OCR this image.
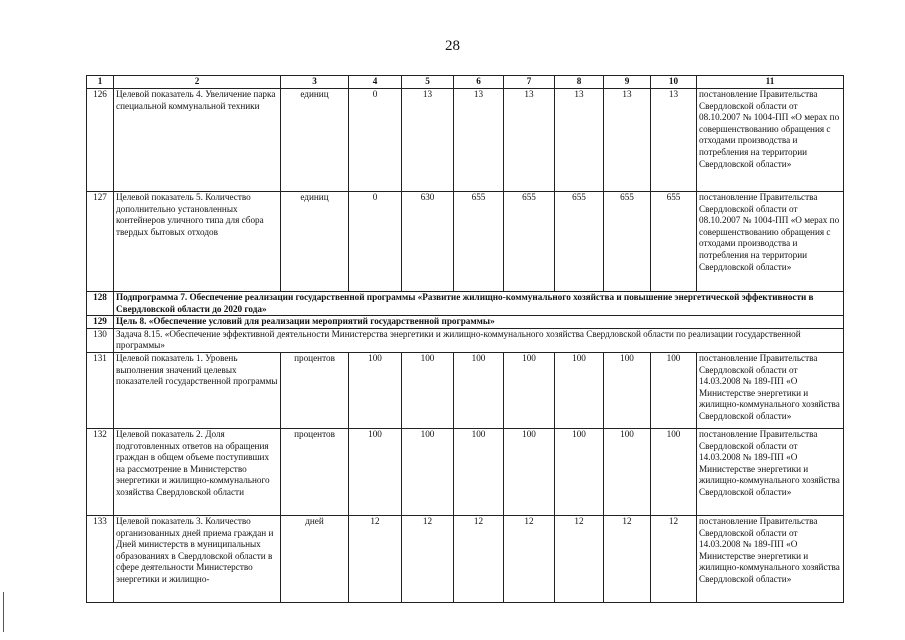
28
1	2	3	4	5	6	7	8	9	10	11
126	Целевой показатель 4. Увеличение парка специальной коммунальной техники	единиц	0	13	13	13	13	13	13	постановление Правительства Свердловской области от 08.10.2007 № 1004-ПП «О мерах по совершенствованию обращения с отходами производства и потребления на территории Свердловской области»
127	Целевой показатель 5. Количество дополнительно установленных контейнеров уличного типа для сбора твердых бытовых отходов	единиц	0	630	655	655	655	655	655	постановление Правительства Свердловской области от 08.10.2007 № 1004-ПП «О мерах по совершенствованию обращения с отходами производства и потребления на территории Свердловской области»
128	Подпрограмма 7. Обеспечение реализации государственной программы «Развитие жилищно-коммунального хозяйства и повышение энергетической эффективности в Свердловской области до 2020 года»									
129	Цель 8. «Обеспечение условий для реализации мероприятий государственной программы»									
130	Задача 8.15. «Обеспечение эффективной деятельности Министерства энергетики и жилищно-коммунального хозяйства Свердловской области по реализации государственной программы»									
131	Целевой показатель 1. Уровень выполнения значений целевых показателей государственной программы	процентов	100	100	100	100	100	100	100	постановление Правительства Свердловской области от 14.03.2008 № 189-ПП «О Министерстве энергетики и жилищно-коммунального хозяйства Свердловской области»
132	Целевой показатель 2. Доля подготовленных ответов на обращения граждан в общем объеме поступивших на рассмотрение в Министерство энергетики и жилищно-коммунального хозяйства Свердловской области	процентов	100	100	100	100	100	100	100	постановление Правительства Свердловской области от 14.03.2008 № 189-ПП «О Министерстве энергетики и жилищно-коммунального хозяйства Свердловской области»
133	Целевой показатель 3. Количество организованных дней приема граждан и Дней министерств в муниципальных образованиях в Свердловской области в сфере деятельности Министерство энергетики и жилищно-	дней	12	12	12	12	12	12	12	постановление Правительства Свердловской области от 14.03.2008 № 189-ПП «О Министерстве энергетики и жилищно-коммунального хозяйства Свердловской области»
